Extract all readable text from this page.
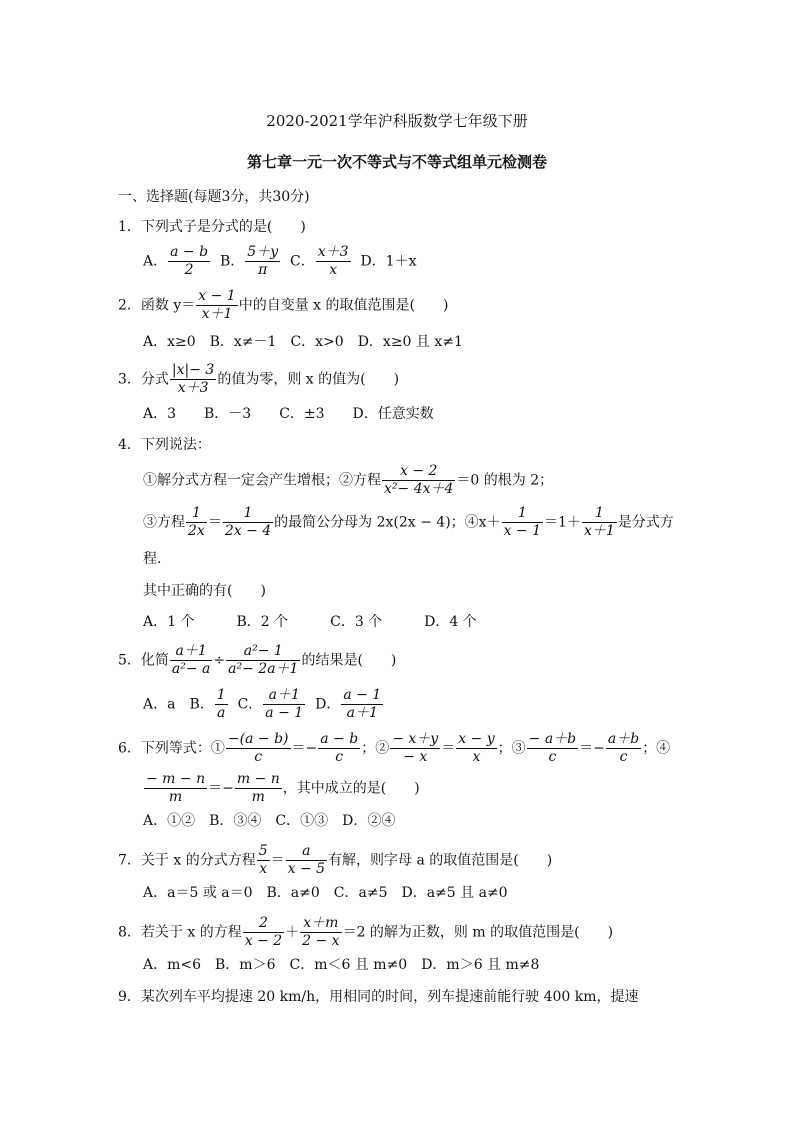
2020-2021学年沪科版数学七年级下册
第七章一元一次不等式与不等式组单元检测卷
一、选择题(每题3分，共30分)
1．下列式子是分式的是(　　)
A． $\frac{a - b}{2}$ B． $\frac{5+y}{\pi}$ C． $\frac{x+3}{x}$ D．1＋x
2．函数 $y= \frac{x - 1}{x+1}$ 中的自变量 x 的取值范围是(　　)
A．x≥0　B．x≠－1　C．x>0　D．x≥0 且 x≠1
3．分式 $\frac{|x|- 3}{x+3}$ 的值为零，则 x 的值为(　　)
A．3　　B．－3　　C．±3　　D．任意实数
4．下列说法：
①解分式方程一定会产生增根；②方程 $\frac{x - 2}{\text{x²− 4x＋4}} =0$ 的根为 2；
③方程 $\frac{1}{2x} = \frac{1}{2x - 4}$ 的最简公分母为 2x(2x − 4)；④x＋ $\frac{1}{x - 1} =1+ \frac{1}{x+1}$ 是分式方
程.
其中正确的有(　　)
A．1 个　　　B．2 个　　　C．3 个　　　D．4 个
5．化简 $\frac{a+1}{\text{a²− a}} \div \frac{\text{a²− 1}}{\text{a²− 2a＋1}}$ 的结果是(　　)
A．a　B． $\frac{1}{a}$ C． $\frac{a+1}{a - 1}$ D． $\frac{a - 1}{a+1}$
6．下列等式：① $\frac{-(a - b)}{c} =- \frac{a - b}{c}$ ；② $\frac{- x+y}{- x} = \frac{x - y}{x}$ ；③ $\frac{- a+b}{c} =- \frac{a+b}{c}$ ；④
$\frac{- m - n}{m} =- \frac{m - n}{m}$ ，其中成立的是(　　)
A．①②　B．③④　C．①③　D．②④
7．关于 x 的分式方程 $\frac{5}{x} = \frac{a}{x - 5}$ 有解，则字母 a 的取值范围是(　　)
A．a＝5 或 a＝0　B．a≠0　C．a≠5　D．a≠5 且 a≠0
8．若关于 x 的方程 $\frac{2}{x - 2} + \frac{x+m}{2 - x} =2$ 的解为正数，则 m 的取值范围是(　　)
A．m<6　B．m＞6　C．m＜6 且 m≠0　D．m＞6 且 m≠8
9．某次列车平均提速 20 km/h，用相同的时间，列车提速前能行驶 400 km，提速
